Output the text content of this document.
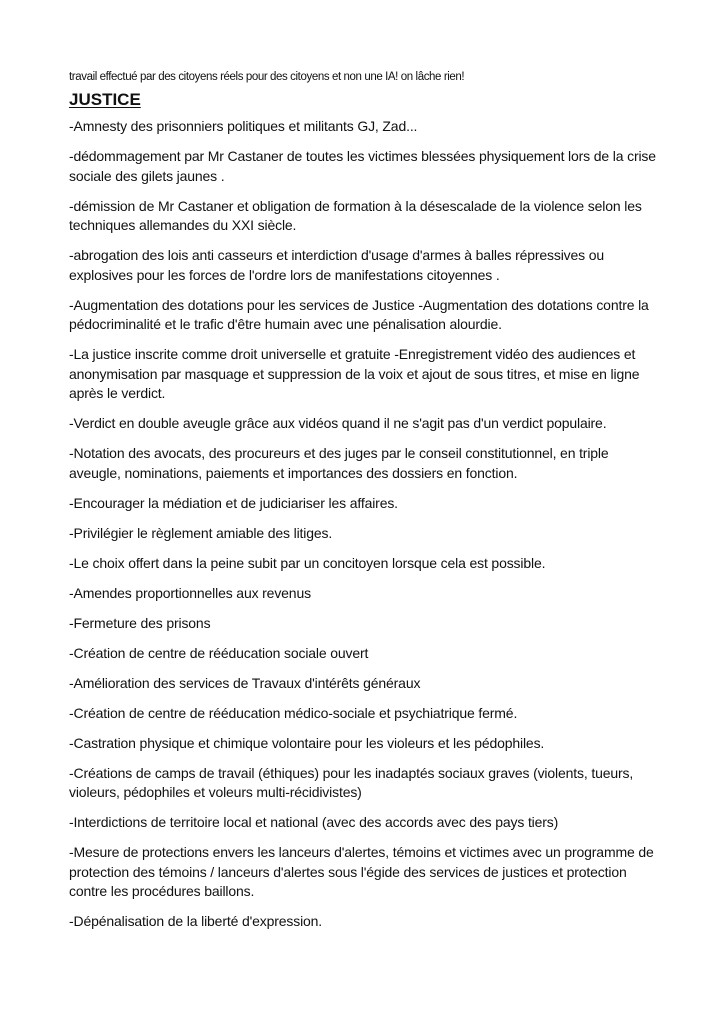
travail effectué par des citoyens réels pour des citoyens et non une IA! on lâche rien!

JUSTICE
-Amnesty des prisonniers politiques et militants GJ, Zad...
-dédommagement par Mr Castaner de toutes les victimes blessées physiquement lors de la crise sociale des gilets jaunes .
-démission de Mr Castaner et obligation de formation à la désescalade de la violence selon les techniques allemandes du XXI siècle.
-abrogation des lois anti casseurs et interdiction d'usage d'armes à balles répressives ou explosives pour les forces de l'ordre lors de manifestations citoyennes .
-Augmentation des dotations pour les services de Justice -Augmentation des dotations contre la pédocriminalité et le trafic d'être humain avec une pénalisation alourdie.
-La justice inscrite comme droit universelle et gratuite -Enregistrement vidéo des audiences et anonymisation par masquage et suppression de la voix et ajout de sous titres, et mise en ligne après le verdict.
-Verdict en double aveugle grâce aux vidéos quand il ne s'agit pas d'un verdict populaire.
-Notation des avocats, des procureurs et des juges par le conseil constitutionnel, en triple aveugle, nominations, paiements et importances des dossiers en fonction.
-Encourager la médiation et de judiciariser les affaires.
-Privilégier le règlement amiable des litiges.
-Le choix offert dans la peine subit par un concitoyen lorsque cela est possible.
-Amendes proportionnelles aux revenus
-Fermeture des prisons
-Création de centre de rééducation sociale ouvert
-Amélioration des services de Travaux d'intérêts généraux
-Création de centre de rééducation médico-sociale et psychiatrique fermé.
-Castration physique et chimique volontaire pour les violeurs et les pédophiles.
-Créations de camps de travail (éthiques) pour les inadaptés sociaux graves (violents, tueurs, violeurs, pédophiles et voleurs multi-récidivistes)
-Interdictions de territoire local et national (avec des accords avec des pays tiers)
-Mesure de protections envers les lanceurs d'alertes, témoins et victimes avec un programme de protection des témoins / lanceurs d'alertes sous l'égide des services de justices et protection contre les procédures baillons.
-Dépénalisation de la liberté d'expression.
